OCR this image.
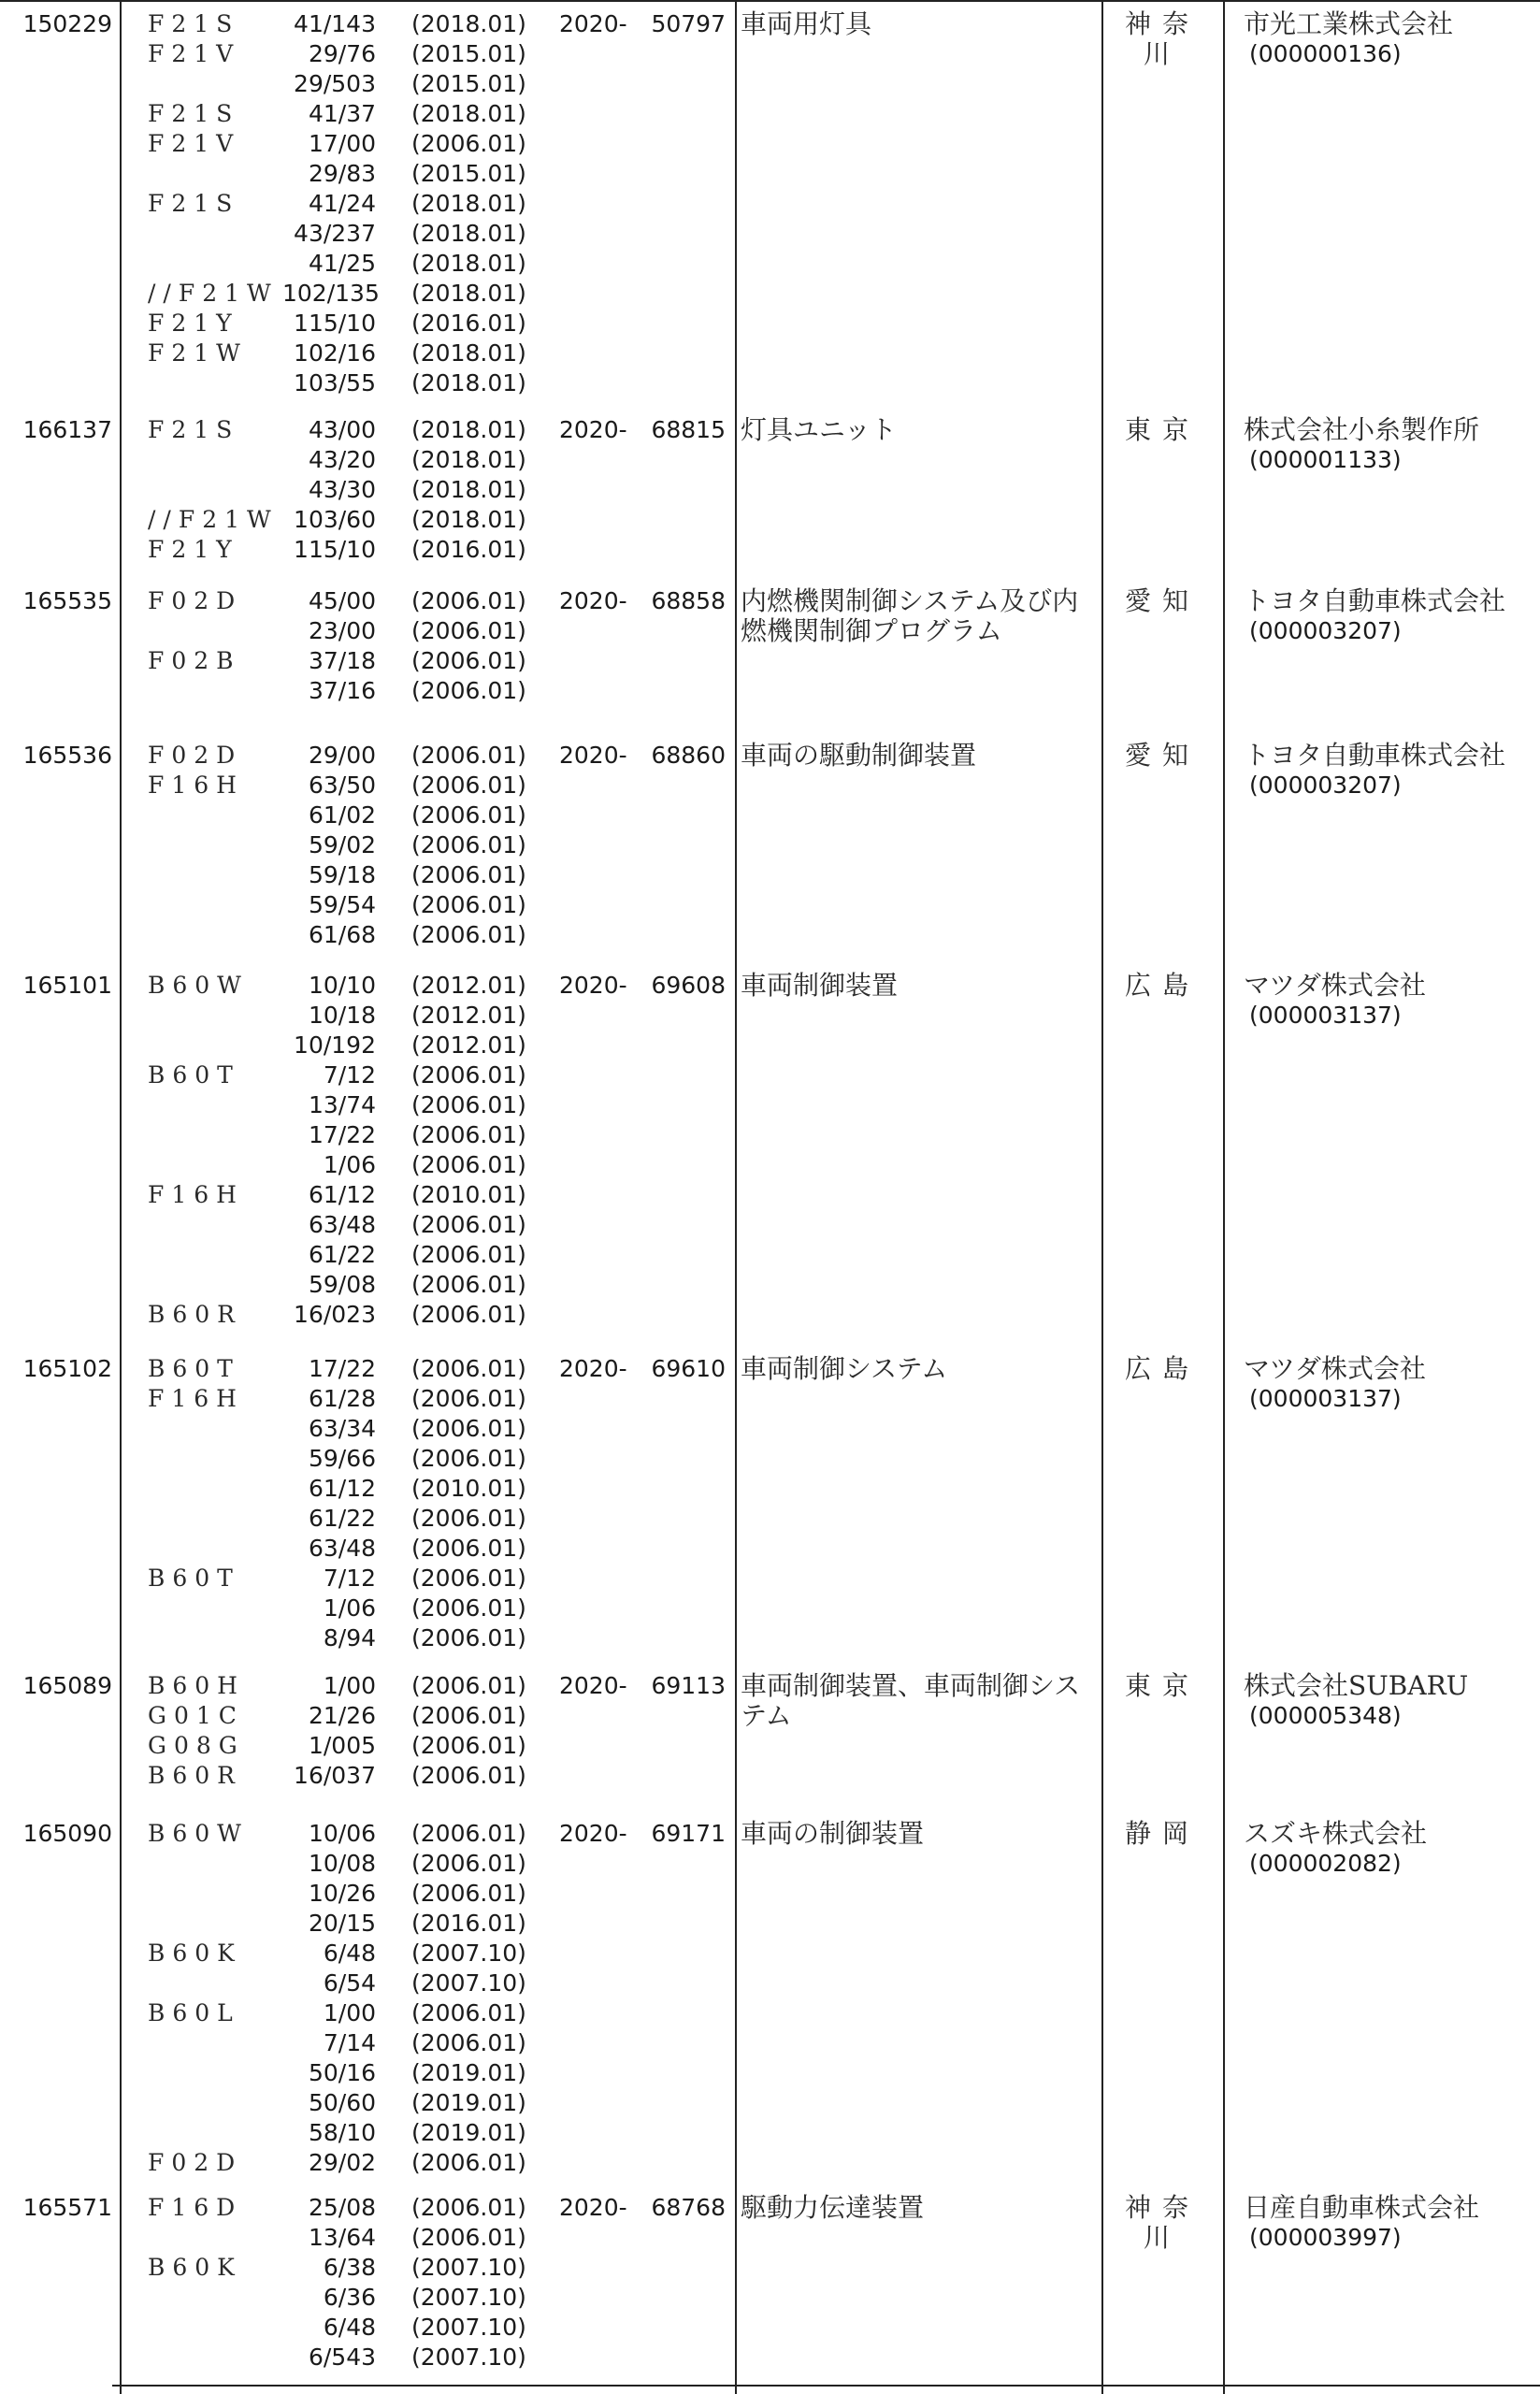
150229 F21S	41/143 (2018.01)
F21V	29/76 (2015.01)
29/503 (2015.01)
F21S	41/37 (2018.01)
F21V	17/00 (2006.01)
29/83 (2015.01)
F21S	41/24 (2018.01)
43/237 (2018.01)
41/25 (2018.01)
//F21W 102/135 (2018.01)
F21Y	115/10 (2016.01)
F21W	102/16 (2018.01)
103/55 (2018.01)
2020-	50797 車両用灯具	神奈川
市光工業株式会社
(000000136)
166137 F21S	43/00 (2018.01)
43/20 (2018.01)
43/30 (2018.01)
//F21W 103/60 (2018.01)
F21Y	115/10 (2016.01)
2020-	68815 灯具ユニット	東京	株式会社小糸製作所
(000001133)
165535 F02D	45/00 (2006.01)
23/00 (2006.01)
F02B	37/18 (2006.01)
37/16 (2006.01)
2020-	68858 内燃機関制御システム及び内燃機関制御プログラム
愛知	トヨタ自動車株式会社
(000003207)
165536 F02D	29/00 (2006.01)
F16H	63/50 (2006.01)
61/02 (2006.01)
59/02 (2006.01)
59/18 (2006.01)
59/54 (2006.01)
61/68 (2006.01)
2020-	68860 車両の駆動制御装置	愛知	トヨタ自動車株式会社
(000003207)
165101 B60W	10/10 (2012.01)
10/18 (2012.01)
10/192 (2012.01)
B60T	7/12 (2006.01)
13/74 (2006.01)
17/22 (2006.01)
1/06 (2006.01)
F16H	61/12 (2010.01)
63/48 (2006.01)
61/22 (2006.01)
59/08 (2006.01)
B60R	16/023 (2006.01)
2020-	69608 車両制御装置	広島	マツダ株式会社
(000003137)
165102 B60T	17/22 (2006.01)
F16H	61/28 (2006.01)
63/34 (2006.01)
59/66 (2006.01)
61/12 (2010.01)
61/22 (2006.01)
63/48 (2006.01)
B60T	7/12 (2006.01)
1/06 (2006.01)
8/94 (2006.01)
2020-	69610 車両制御システム	広島	マツダ株式会社
(000003137)
165089 B60H	1/00 (2006.01)
G01C	21/26 (2006.01)
G08G	1/005 (2006.01)
B60R	16/037 (2006.01)
2020-	69113 車両制御装置、車両制御システム
東京	株式会社SUBARU
(000005348)
165090 B60W	10/06 (2006.01)
10/08 (2006.01)
10/26 (2006.01)
20/15 (2016.01)
B60K	6/48 (2007.10)
6/54 (2007.10)
B60L	1/00 (2006.01)
7/14 (2006.01)
50/16 (2019.01)
50/60 (2019.01)
58/10 (2019.01)
F02D	29/02 (2006.01)
2020-	69171 車両の制御装置	静岡	スズキ株式会社
(000002082)
165571 F16D	25/08 (2006.01)
13/64 (2006.01)
B60K	6/38 (2007.10)
6/36 (2007.10)
6/48 (2007.10)
6/543 (2007.10)
2020-	68768 駆動力伝達装置	神奈川
日産自動車株式会社
(000003997)
